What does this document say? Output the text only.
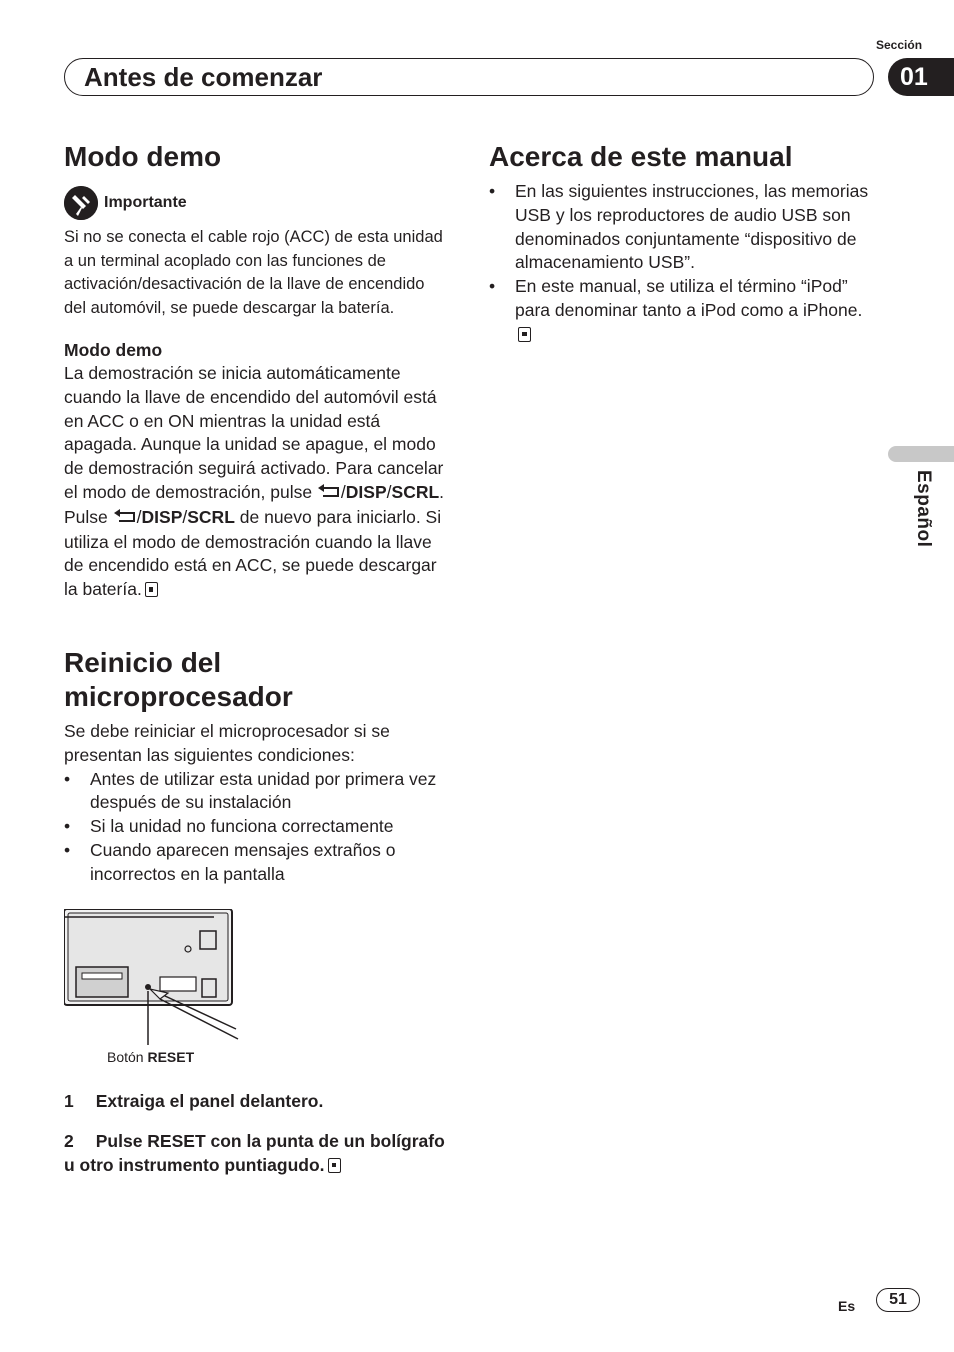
Sección
Antes de comenzar	01
Español
Modo demo
Importante

Si no se conecta el cable rojo (ACC) de esta unidad a un terminal acoplado con las funciones de activación/desactivación de la llave de encendido del automóvil, se puede descargar la batería.

Modo demo

La demostración se inicia automáticamente cuando la llave de encendido del automóvil está en ACC o en ON mientras la unidad está apagada. Aunque la unidad se apague, el modo de demostración seguirá activado. Para cancelar el modo de demostración, pulse /DISP/SCRL. Pulse /DISP/SCRL de nuevo para iniciarlo. Si utiliza el modo de demostración cuando la llave de encendido está en ACC, se puede descargar la batería.

Reinicio del microprocesador

Se debe reiniciar el microprocesador si se presentan las siguientes condiciones:

• Antes de utilizar esta unidad por primera vez después de su instalación
• Si la unidad no funciona correctamente
• Cuando aparecen mensajes extraños o incorrectos en la pantalla
Botón RESET
1 Extraiga el panel delantero.
2 Pulse RESET con la punta de un bolígrafo u otro instrumento puntiagudo.
Acerca de este manual
• En las siguientes instrucciones, las memorias USB y los reproductores de audio USB son denominados conjuntamente “dispositivo de almacenamiento USB”.
• En este manual, se utiliza el término “iPod” para denominar tanto a iPod como a iPhone.
Es	51
